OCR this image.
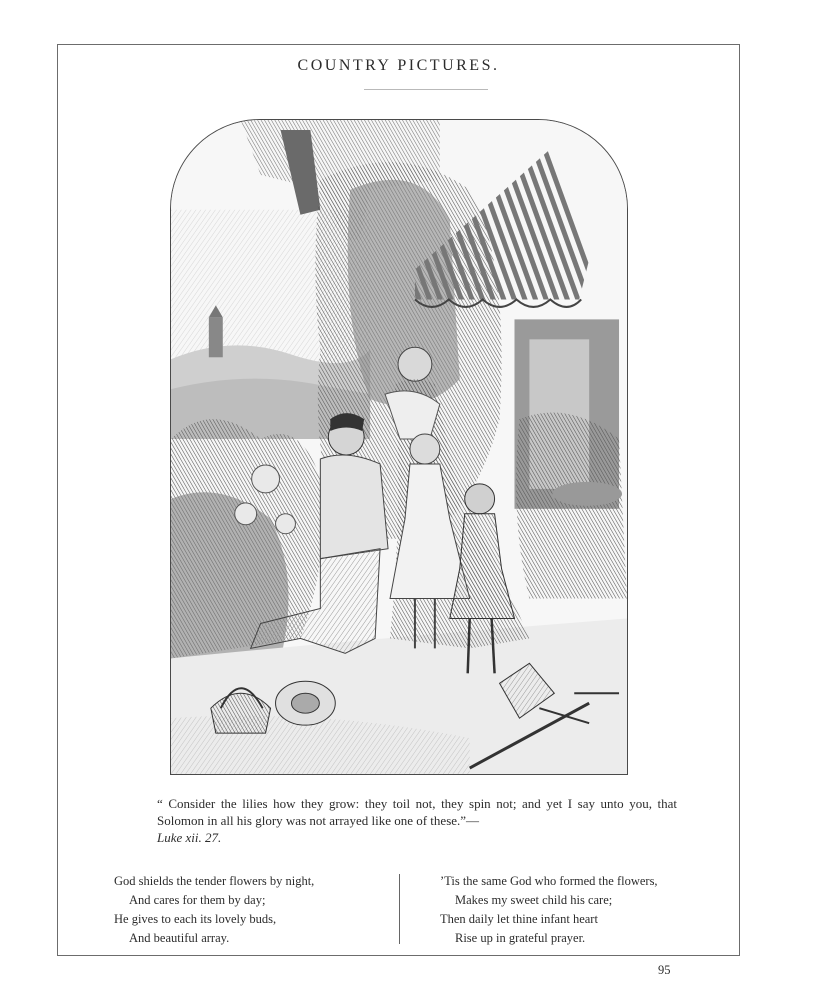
COUNTRY PICTURES.
“ Consider the lilies how they grow: they toil not, they spin not; and yet I say unto you, that Solomon in all his glory was not arrayed like one of these.”—
Luke xii. 27.
God shields the tender flowers by night,
And cares for them by day;
He gives to each its lovely buds,
And beautiful array.
’Tis the same God who formed the flowers,
Makes my sweet child his care;
Then daily let thine infant heart
Rise up in grateful prayer.
95
